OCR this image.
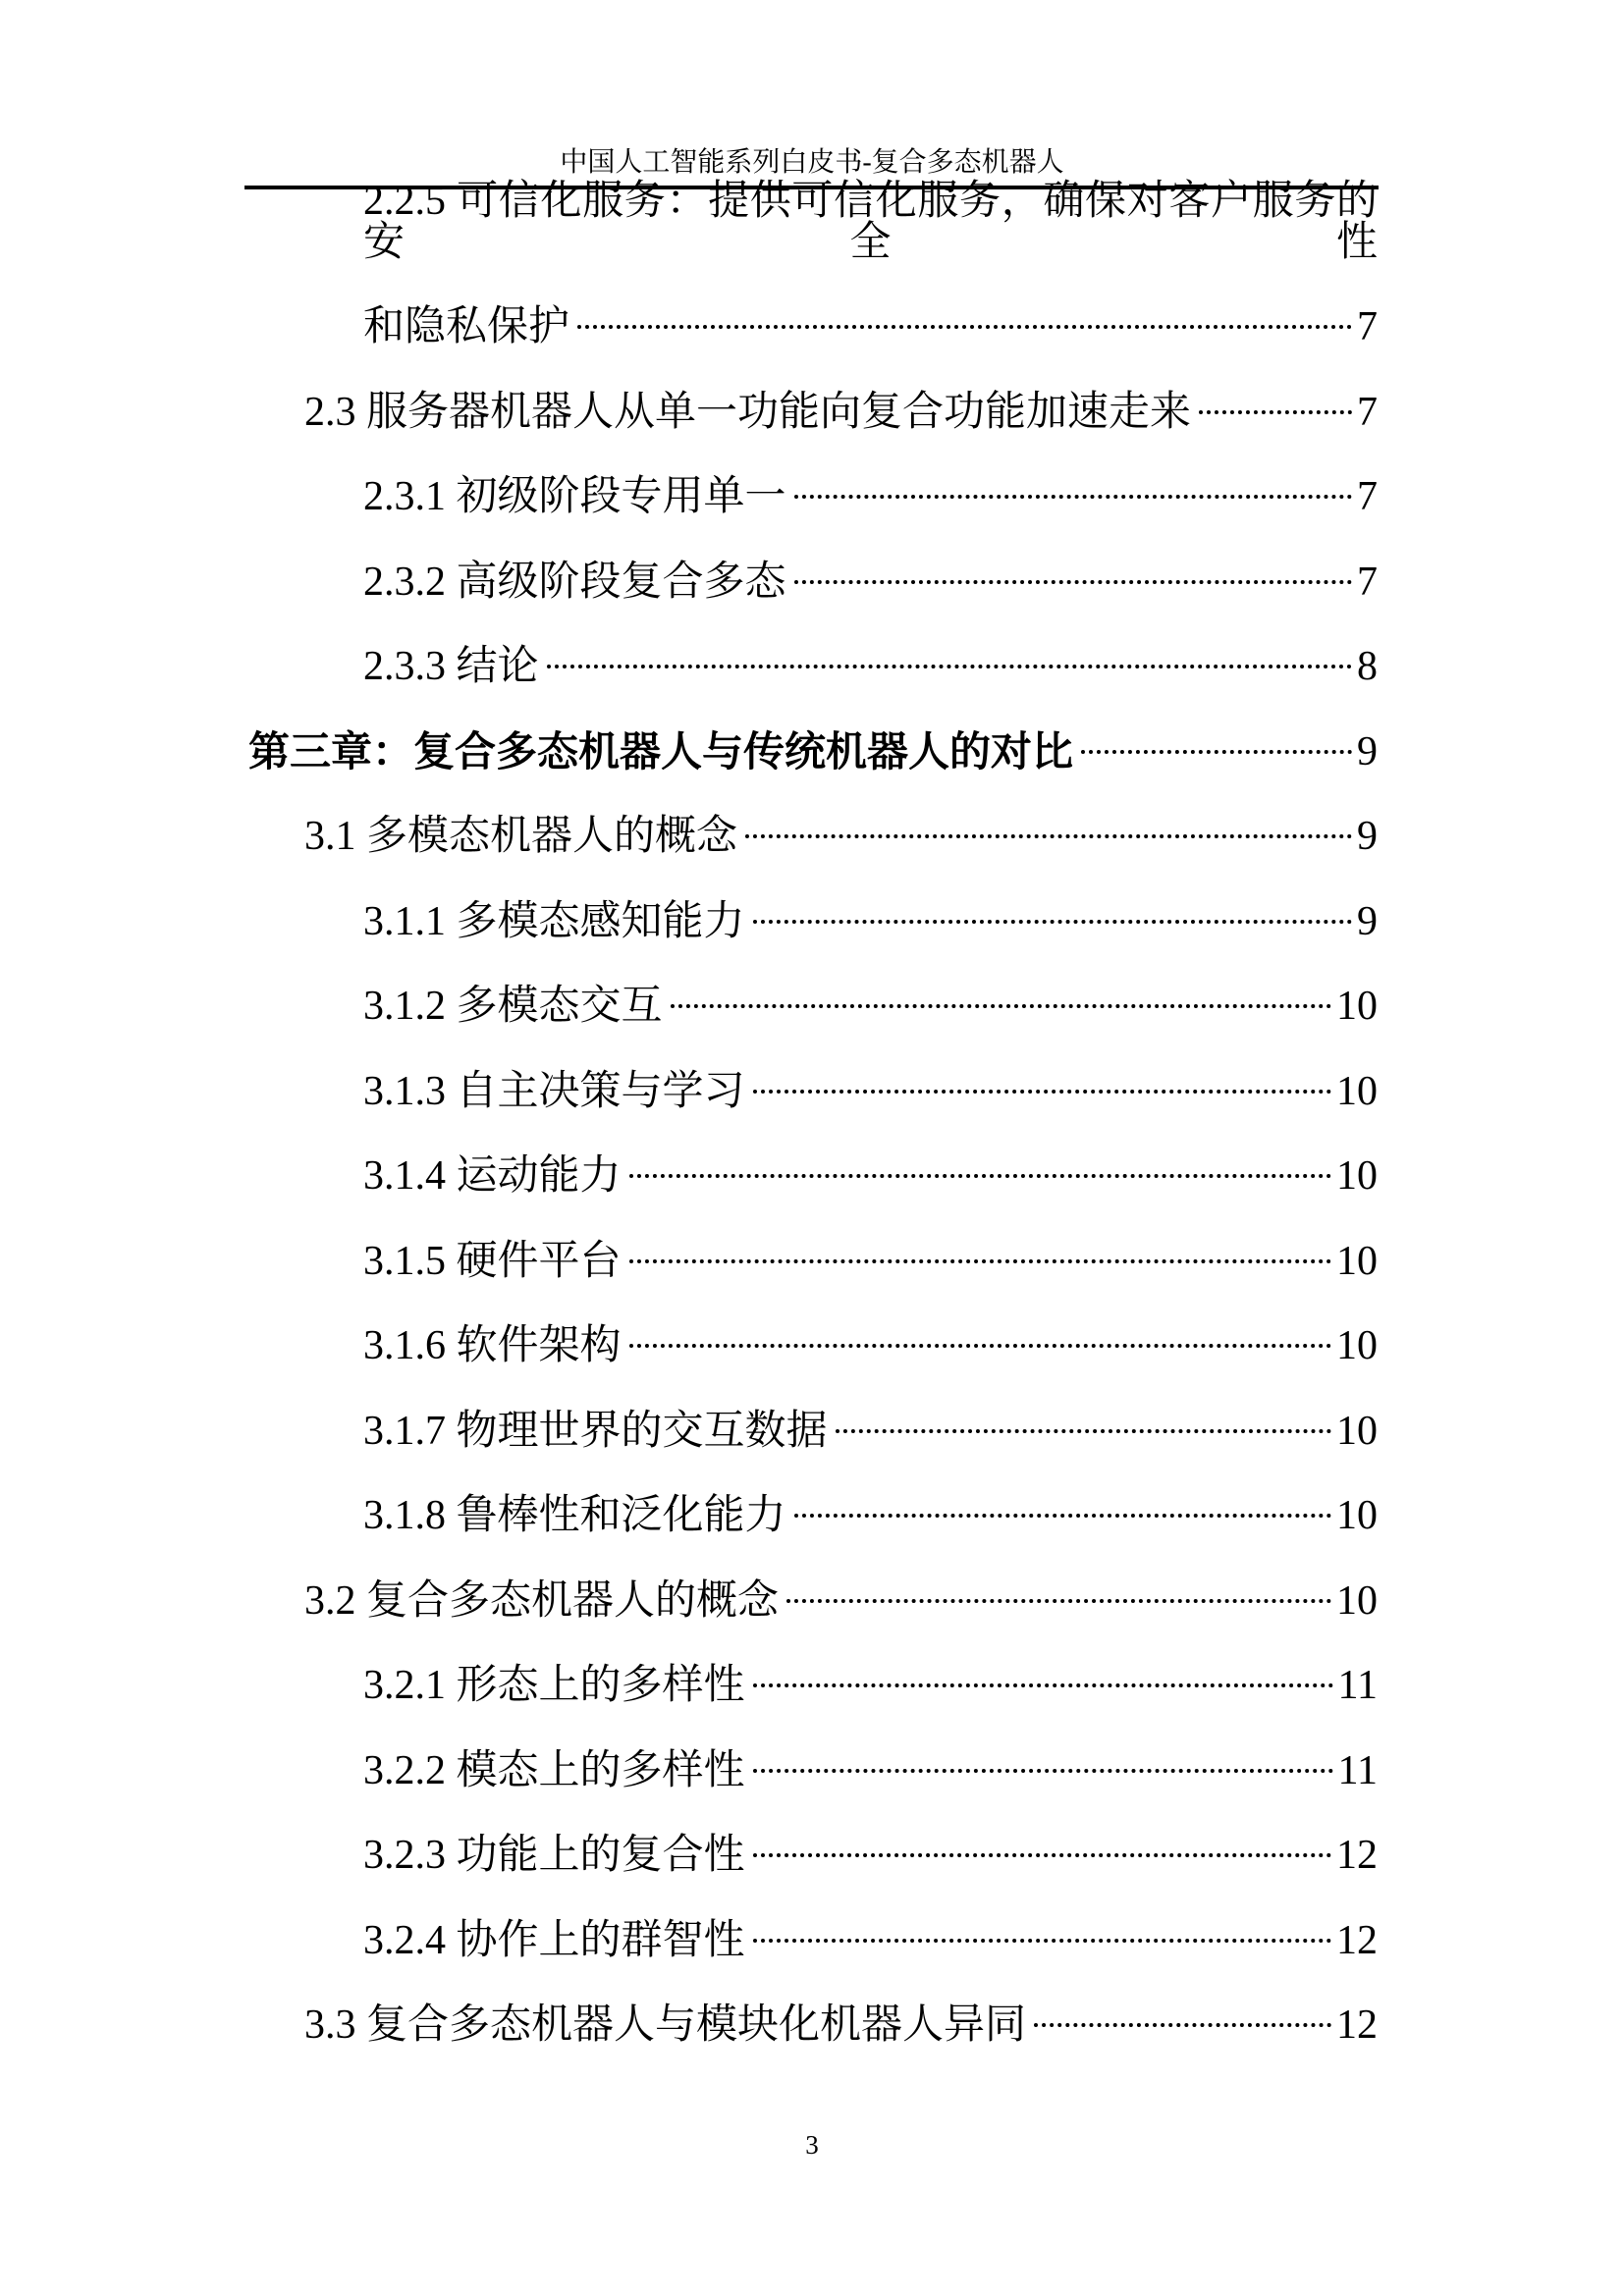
中国人工智能系列白皮书-复合多态机器人
2.2.5 可信化服务：提供可信化服务，确保对客户服务的安全性
和隐私保护	7
2.3 服务器机器人从单一功能向复合功能加速走来	7
2.3.1 初级阶段专用单一	7
2.3.2 高级阶段复合多态	7
2.3.3 结论	8
第三章：复合多态机器人与传统机器人的对比	9
3.1 多模态机器人的概念	9
3.1.1 多模态感知能力	9
3.1.2 多模态交互	10
3.1.3 自主决策与学习	10
3.1.4 运动能力	10
3.1.5 硬件平台	10
3.1.6 软件架构	10
3.1.7 物理世界的交互数据	10
3.1.8 鲁棒性和泛化能力	10
3.2 复合多态机器人的概念	10
3.2.1 形态上的多样性	11
3.2.2 模态上的多样性	11
3.2.3 功能上的复合性	12
3.2.4 协作上的群智性	12
3.3 复合多态机器人与模块化机器人异同	12
3
